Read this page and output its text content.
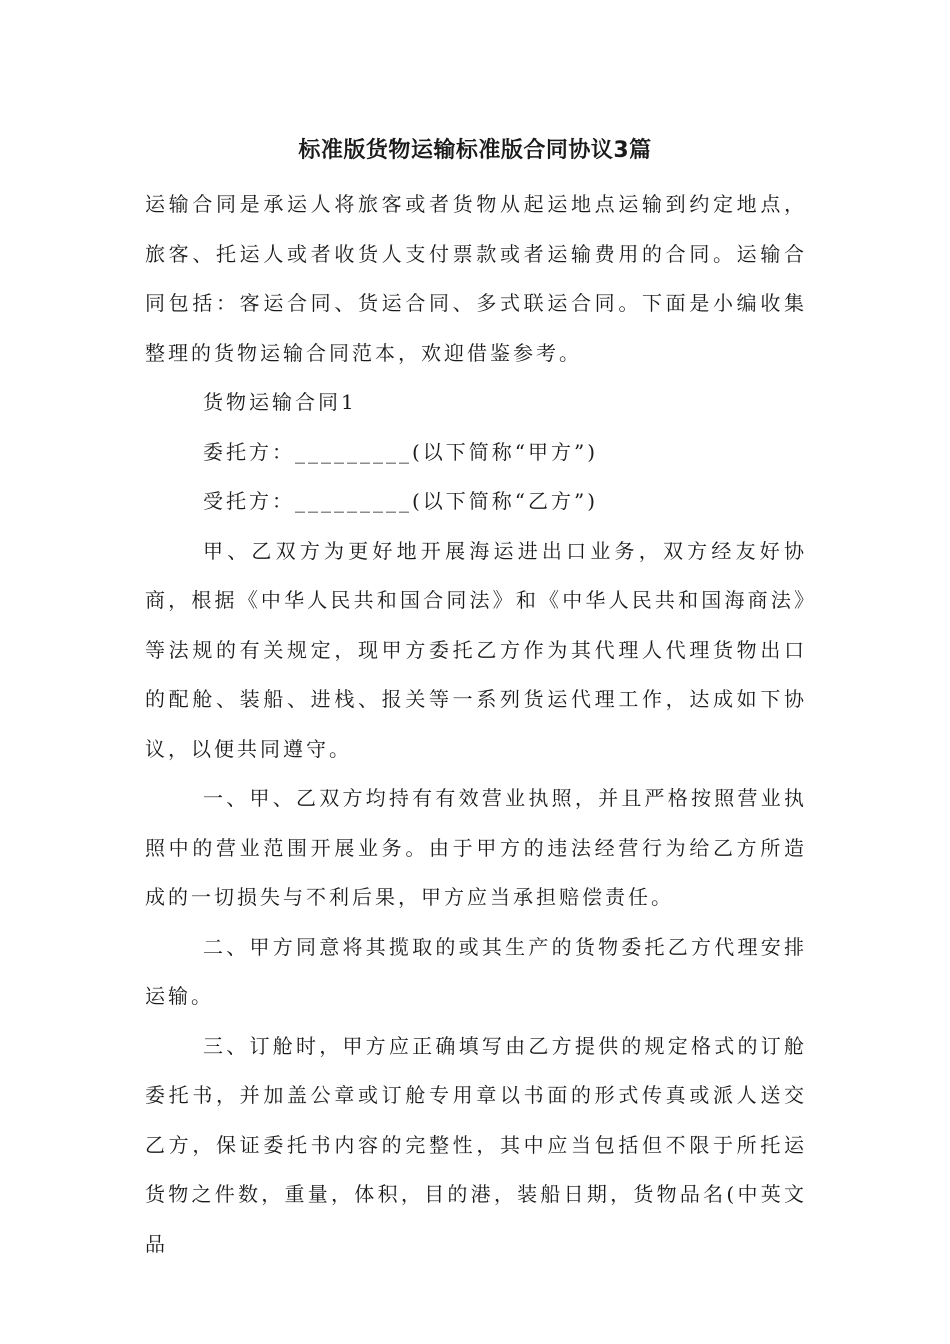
标准版货物运输标准版合同协议3篇

运输合同是承运人将旅客或者货物从起运地点运输到约定地点，旅客、托运人或者收货人支付票款或者运输费用的合同。运输合同包括：客运合同、货运合同、多式联运合同。下面是小编收集整理的货物运输合同范本，欢迎借鉴参考。

货物运输合同1

委托方：_________(以下简称“甲方”)

受托方：_________(以下简称“乙方”)

甲、乙双方为更好地开展海运进出口业务，双方经友好协商，根据《中华人民共和国合同法》和《中华人民共和国海商法》等法规的有关规定，现甲方委托乙方作为其代理人代理货物出口的配舱、装船、进栈、报关等一系列货运代理工作，达成如下协议，以便共同遵守。

一、甲、乙双方均持有有效营业执照，并且严格按照营业执照中的营业范围开展业务。由于甲方的违法经营行为给乙方所造成的一切损失与不利后果，甲方应当承担赔偿责任。

二、甲方同意将其揽取的或其生产的货物委托乙方代理安排运输。

三、订舱时，甲方应正确填写由乙方提供的规定格式的订舱委托书，并加盖公章或订舱专用章以书面的形式传真或派人送交乙方，保证委托书内容的完整性，其中应当包括但不限于所托运货物之件数，重量，体积，目的港，装船日期，货物品名(中英文品
